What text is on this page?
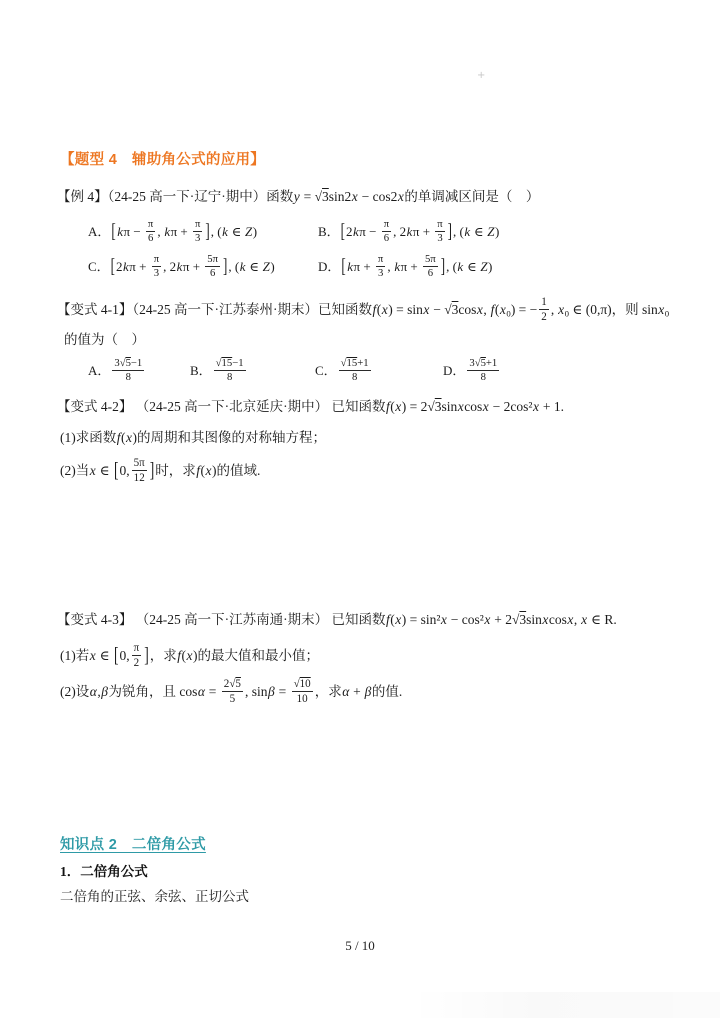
+
【题型 4　辅助角公式的应用】
【例 4】（24-25 高一下·辽宁·期中）函数y = √3sin2x − cos2x的单调减区间是（　）
A．[ $k\pi - \frac{\pi}{6}$ , $k\pi + \frac{\pi}{3}$ ], (k ∈ Z)	B．[$2k\pi - \frac{\pi}{6}$ , $2k\pi + \frac{\pi}{3}$ ], (k ∈ Z)
C．[$2k\pi + \frac{\pi}{3}$ , $2k\pi + \frac{5\pi}{6}$ ], (k ∈ Z)	D．[ $k\pi + \frac{\pi}{3}$ , $k\pi + \frac{5\pi}{6}$ ], (k ∈ Z)
【变式 4-1】（24-25 高一下·江苏泰州·期末）已知函数f(x) = sinx − √3cosx, $f(x_0)$ = − $\frac{1}{2}$ , $x_0$ ∈ (0,π)，则 sinx$_0$
的值为（　）
A． $\frac{3√5-1}{8}$	B． $\frac{√15-1}{8}$	C． $\frac{√15+1}{8}$	D． $\frac{3√5+1}{8}$
【变式 4-2】 （24-25 高一下·北京延庆·期中） 已知函数f(x) = 2√3sinxcosx − 2cos²x + 1.
(1)求函数f(x)的周期和其图像的对称轴方程；
(2)当x ∈ [0, $\frac{5\pi}{12}$ ]时，求f(x)的值域.
【变式 4-3】 （24-25 高一下·江苏南通·期末） 已知函数f(x) = sin²x − cos²x + 2√3sinxcosx, x ∈ R.
(1)若x ∈ [0, $\frac{\pi}{2}$ ]，求f(x)的最大值和最小值；
(2)设α,β为锐角，且 $\cos\alpha = \frac{2√5}{5}$ , $\sin\beta = \frac{√10}{10}$ ，求α + β的值.
知识点 2　二倍角公式
1．二倍角公式
二倍角的正弦、余弦、正切公式
5 / 10
